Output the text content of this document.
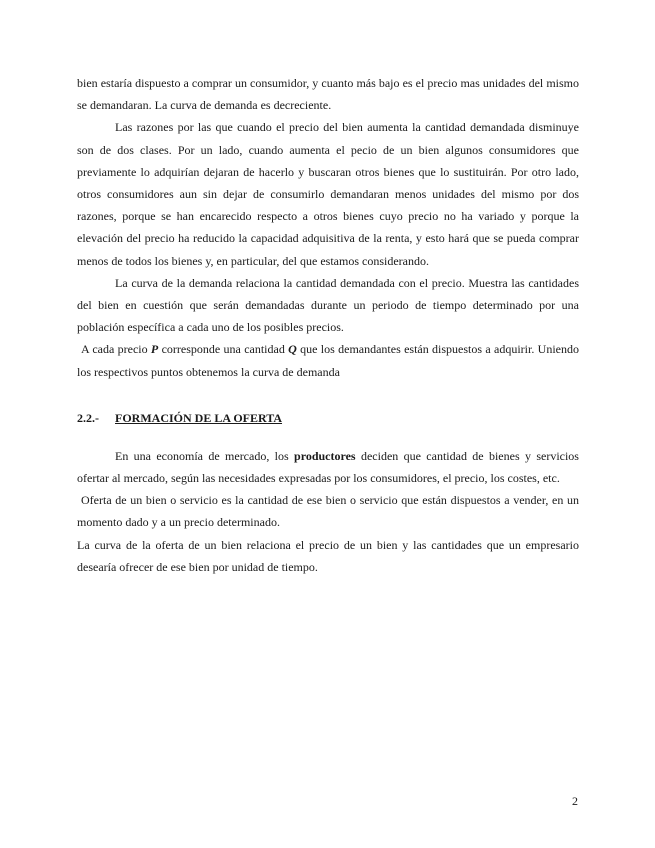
bien estaría dispuesto a comprar un consumidor, y cuanto más bajo es el precio mas unidades del mismo se demandaran. La curva de demanda es decreciente.

Las razones por las que cuando el precio del bien aumenta la cantidad demandada disminuye son de dos clases. Por un lado, cuando aumenta el pecio de un bien algunos consumidores que previamente lo adquirían dejaran de hacerlo y buscaran otros bienes que lo sustituirán. Por otro lado, otros consumidores aun sin dejar de consumirlo demandaran menos unidades del mismo por dos razones, porque se han encarecido respecto a otros bienes cuyo precio no ha variado y porque la elevación del precio ha reducido la capacidad adquisitiva de la renta, y esto hará que se pueda comprar menos de todos los bienes y, en particular, del que estamos considerando.

La curva de la demanda relaciona la cantidad demandada con el precio. Muestra las cantidades del bien en cuestión que serán demandadas durante un periodo de tiempo determinado por una población específica a cada uno de los posibles precios.

A cada precio P corresponde una cantidad Q que los demandantes están dispuestos a adquirir. Uniendo los respectivos puntos obtenemos la curva de demanda

2.2.- FORMACIÓN DE LA OFERTA

En una economía de mercado, los productores deciden que cantidad de bienes y servicios ofertar al mercado, según las necesidades expresadas por los consumidores, el precio, los costes, etc.

Oferta de un bien o servicio es la cantidad de ese bien o servicio que están dispuestos a vender, en un momento dado y a un precio determinado.

La curva de la oferta de un bien relaciona el precio de un bien y las cantidades que un empresario desearía ofrecer de ese bien por unidad de tiempo.

2
